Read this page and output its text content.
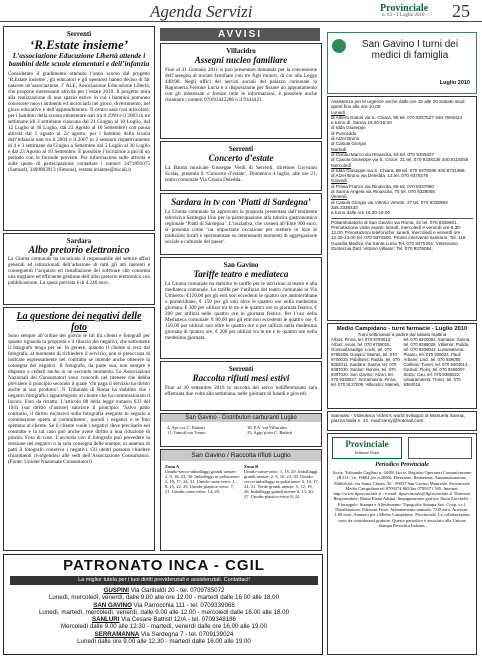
Agenda Servizi	Provinciale
n. 63 - 1 Luglio 2010 25
Serrenti
‘R.Estate insieme’
L’associazione Educazione Libertà attende i bambini delle scuole elementari e dell’infanzia
Considerato il gradimento ottenuto l’anno scorso dal progetto ‘R.Estate insieme’, gli educatori e gli operatori hanno deciso di far nascere un’associazione, l’ ALE, Associazione Educazione Libertà, che propone interessanti attività per l’estate 2010. Il progetto mira alla realizzazione di uno spazio estivo in cui i bambini potranno conoscere nuovi ambienti ed incrociarli nel gioco, divertimento, nel gioco educativo e dell’apprendimento. Il centro sarà così articolato: per i bambini della scuola elementare nati tra il 1999 e il 2003 in tre settimane (di 3 settimane ciascuna dal 21 Giugno al 10 Luglio, dal 12 Luglio al 30 Luglio, dal 23 Agosto al 10 Settembre) con pausa attività dal 1 agosto al 22 agosto; per i bambini della scuola dell’infanzia nati tra il 2004 e il 2007 in 2 sessioni rispettivamente di 4 e 3 settimane da Giugno a Settembre dal 5 Luglio al 30 Luglio e dal 23 Agosto al 10 Settembre. È possibile l’iscrizione a più di un periodo con le formule previste. Per informazioni sulle attività e sulle quote di partecipazione contattare i numeri 3471891075 (Samuel), 3409803913 (Simona), restate.insieme@tiscali.it
Sardara
Albo pretorio elettronico
La Giunta comunale ha incaricato il responsabile del settore affari generali ed istituzionali dell’adozione di tutti gli atti inerenti e conseguenti l’acquisto ed installazione del software che consenta una migliore ed efficiente gestione dell’albo pretorio elettronico con pubblicazione. La spesa prevista è di 4.240 euro.
La questione dei negativi delle foto
Sono sempre all’ordine del giorno le liti fra clienti e fotografi per quanto riguarda la proprietà e il rilascio dei negativi, che sottomette il fotografo tenga per sé. In genere, quando il cliente si reca dal fotografo, al momento di richiedere il servizio, non si preoccupa di indicare espressamente nel contratto se intende anche ottenere la consegna dei negativi. Il fotografo, da parte sua, non sempre è disposto a cederli anche in un secondo momento. Le Associazioni Nazionali dei Consumatori sono concordi nel ritenere che debba prevalere il principio secondo il quale ‘chi paga il servizio ha diritto anche al suo prodotto’. Il Tribunale di Roma ha stabilito che i negativi fotografici appartengono al cliente che ha commissionato il lavoro. Foto da ritratto. L’articolo 88 della legge numero 633 del 1941 (sul diritto d’autore) sancisce il principio: ‘Salvo patto contrario, il diritto esclusivo sulla fotografia eseguita in seguito a commissione spetta al committente’, quindi i negativi e le foto spettano al cliente. Se il cliente vuole i negativi deve precisarlo nel contratto e in tal caso può anche avere diritto a una riduzione di prezzo. Foto di cose. L’accordo con il fotografo può prevedere la cessione dei negativi o la sola consegna delle stampe; in assenza di patti il fotografo conserva i negativi. Gli utenti possono chiedere chiarimenti rivolgendosi alle sedi dell’Associazione Consumatori. (Fonte: Unione Nazionale Consumatori)
AVVISI
Villacidro
Assegni nucleo familiare
Fino al 31 Gennaio 2011 si può presentare domanda per la concessione dell’assegno al nucleo familiare con tre figli minori, di cui alla Legge 448/98. Negli uffici dei servizi sociali del palazzo comunale la Ragioneria Ferrone Lucia è a disposizione per fissare un appuntamento con gli interessati e fornire tutte le informazioni, è possibile anche chiamare i numeri 070/93442286 o il 9344421.
Serrenti
Concerto d’estate
La Banda musicale Giuseppe Verdi di Serrenti, direttore Giovanni Scalas, presenta il ‘Concerto d’estate’. Domenica 4 luglio, alle ore 21, teatro comunale Via Grazia Deledda.
Sardara in tv con ‘Piatti di Sardegna’
La Giunta comunale ha approvato la proposta presentata dall’emittente televisiva Sardegna Uno per la partecipazione alla rubrica gastronomica regionale ‘Piatti di Sardegna’. L’iniziativa, che costerà all’Ente 900 euro, si presenta come ‘un importante occasione per mettere in luce le tradizioni locali e sperimentate su interessanti momenti di aggregazione sociale e culturale del paese’.
San Gavino
Tariffe teatro e mediateca
La Giunta comunale ha stabilito le tariffe per le iscrizioni al teatro e alla mediateca comunale. Le tariffe per l’utilizzo del teatro comunale in Via Umberto: €120,00 per gli enti non eccedenti le quattro ore antimeridiane o pomeridiane, € 150 per gli enti oltre le quattro ore nella medesima giornata, € 300 per utilizzi tra le tre e le quattro ore in giornata festiva, € 200 per utilizzi nelle quattro ore in giornata festiva. Per l’uso della Mediateca comunale: € 80,00 per gli enti non eccedenti le quattro ore, € 150,00 per utilizzi non oltre le quattro ore o per utilizzi nella medesima giornata di quattro ore, € 200 per utilizzi tra le tre e le quattro ore nella medesima giornata.
Serrenti
Raccolta rifiuti mesi estivi
Fino al 30 settembre 2010 la raccolta del secco indifferenziato sarà effettuata due volte alla settimana, nelle giornate di lunedì e giovedì.
San Gavino - Distributori carburanti Luglio
4, Api v.ia C. Battisti
11, Tamoil via Trento
18, P.A. via Villacidro
25, Agip p.zza C. Battisti
San Gavino / Raccolta rifiuti Luglio
Zona A
Umido-secco-imballaggi grandi utenze: 2, 9, 16, 23, 30. Imballaggi in polistirene: 3, 10, 17, 24, 31. Umido-carta-vetro: 1, 8, 15, 22, 29. Umido-plastica-vetro: 7, 21. Umido-carta-vetro: 14, 28.
Zona B
Umido-carta-vetro: 1, 15, 29. Imballaggi grandi utenze: 2, 9, 16, 23, 30. Umido-secco-imballaggi in polistirene: 3, 10, 17, 24, 31. Verde grandi utenze: 5, 12, 19, 26. Imballaggi grandi utenze 6, 13, 20, 27. Umido-plastica-vetro 8, 22.
San Gavino I turni dei medici di famiglia
Luglio 2010
Assistenza per le urgenze anche dalle ore 16 alle 20 Sabato studi aperti fino alle ore 10.00.
Lunedì
di Alberti Gianni via S. Chiara, 96 tel. 070 9337527 349.7684023
a turno di: Sanna 16.00-18.00
di Idda Giuseppe
di Pusceddu
di Atzei Bruno
di Casula Giorgio
Martedì
di Ganau Marco via Rinascita, 64 tel. 070 9339427
di Casula Giuseppe via S. Croce, 31 tel. 070 9338136 340.5115056
Mercoledì
di Idda Giuseppe via S. Chiara, 96 tel. 070 9379286 340.8731966
di Atzei Bruno via Deledda, 13 tel. 070 9379279
Giovedì
di Prasa Franco via Rinascita, 66 tel. 070 9337990
di Sanna Angela via Rinascita, 70 tel. 070 9339055
Venerdì
di Casula Giorgio via Vittorio Veneto, 27 tel. 070 9339993 345.3338434
a turno dalle ore 16.00-19.00
Poliambulatorio di San Gavino via Roma, 31 tel. 070 9339601. Prenotazione visite esami: lunedì, mercoledì e venerdì ore 8.30-12.00. Prenotazioni telefoniche: lunedì, mercoledì e venerdì ore 12.30-13.00 tel. 070 9374500. Pronto intervento sanitario: Tel. 118. Guardia Medica Via Santa Lucia Tel. 070 9375251. Veterinario Zootecnia Dott. Vittorio Villasor: Tel. 070 9375054.
Medio Campidano - turni farmacie - Luglio 2010
Turni settimanali a partire dal sabato mattina
Arbus: Pinna, tel. 070 9759013. Arbus: Asuni, tel. 070 9759016. Gonnosfanadiga: Lochi, tel. 070 9799208. Guspini: Marras, tel. 070 9700025. Pabillonis: Puddu, tel. 070 9353011. Sardara: Sanna, tel. 070 9387030. Sanluri: Nonnis, tel. 070 9307020. San Gavino: Atzori, tel. 070 9339027. Serramanna: Pinna, tel. 070 9137009. Villacidro: Mameli, tel. 070 9320081. Samassi: Sanna, tel. 070 9388028. Villamar: Puddu, tel. 070 9306042. Lunamatrona: Pisano, tel. 070 939024. Pauli Arbarei: Lisci, tel. 070 939080. Collinas: Tuveri, tel. 070 9304014. Gesturi: Floris, tel. 070 9369007. Setzu: Cau, tel. 070 9365022. Ussaramanna: Tronci, tel. 070 9364016.
Samassi - Videoteca Video’s world sviluppo di Manuela Sanna, piazza Italia n. 41, mail:samy@hotmail.com
Provinciale
Edizioni Fiore
Periodico Provinciale
Iscriz. Tribunale Cagliari n. 44/89. Iscriz. Registro Operatori Comunicazione (R.O.C.) n. 19604 (ex n.2060). Direzione, Redazione, Amministrazione, Pubblicità: via Santa Chiara, 35 - 09037 San Gavino Monreale. Provinciale Medio Campidano tel.0709374 865/fax 0709371 505. Internet: http://www.ilprovinciale.it - e-mail: ilprovinciale@ilprovinciale.it. Direttore Responsabile: Maria Elena Addari. Impaginazione grafica: Ilaria Zucchelli - Fiorangelo. Stampa e Allestimento: Tipografia Stampa Soc. Coop. s.r.l. Distribuzione: Edizioni Fiore. Abbonamento annuale: 7,00 euro. Arretrati: 1,00 euro. Annunci per i Medio Campidano: Provinciale. Le collaborazioni sono da considerarsi gratuite. Questo periodico è associato alla Unione Stampa Periodica Italiana.
PATRONATO INCA - CGIL
La miglior tutela per i tuoi diritti previdenziali e assistenziali. Contattaci!
GUSPINI Via Garibaldi 20 - tel. 0709785072
Lunedì, mercoledì, venerdì, dalle 9.00 alle ore 12.00 - martedì dalle 16.00 alle 18.00
SAN GAVINO Via Parrocchia 111 - tel. 0709339968
Lunedì, martedì, mercoledì, venerdì, dalle 9.00 alle 12.00 - mercoledì dalle 16.00 alle 18.00
SANLURI Via Cesare Battisti 12/A - tel. 0709348186
Mercoledì dalle 9.00 alle 12.30 - martedì, venerdì dalle ore 16.00 alle 19.00
SERRAMANNA Via Sardegna 7 - tel. 0709139024
Lunedì dalle ore 9.00 alle 12.30 - martedì dalle 16.00 alle 19.00
